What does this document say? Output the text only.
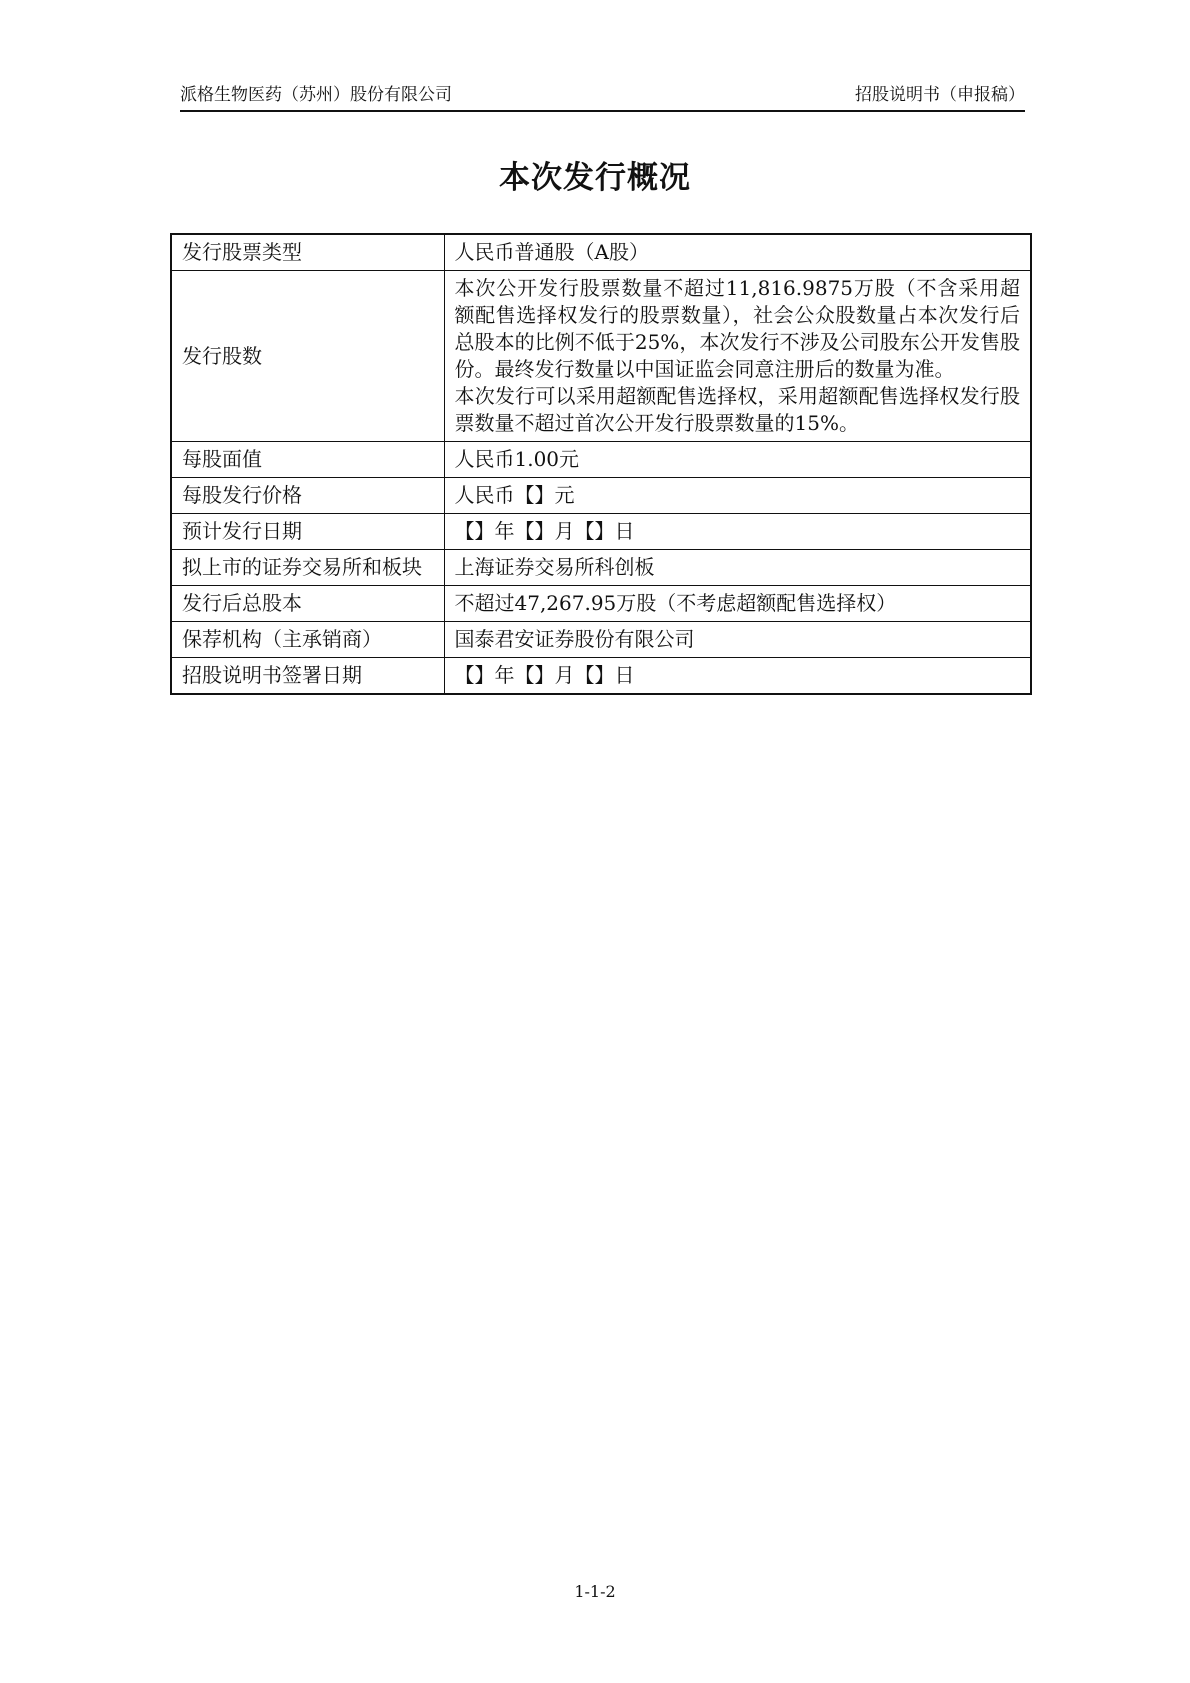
派格生物医药（苏州）股份有限公司	招股说明书（申报稿）
本次发行概况
发行股票类型	人民币普通股（A股）
发行股数	本次公开发行股票数量不超过11,816.9875万股（不含采用超额配售选择权发行的股票数量），社会公众股数量占本次发行后总股本的比例不低于25%，本次发行不涉及公司股东公开发售股份。最终发行数量以中国证监会同意注册后的数量为准。
本次发行可以采用超额配售选择权，采用超额配售选择权发行股票数量不超过首次公开发行股票数量的15%。

每股面值	人民币1.00元
每股发行价格	人民币【】元
预计发行日期	【】年【】月【】日
拟上市的证券交易所和板块	上海证券交易所科创板
发行后总股本	不超过47,267.95万股（不考虑超额配售选择权）
保荐机构（主承销商）	国泰君安证券股份有限公司
招股说明书签署日期	【】年【】月【】日
1-1-2
